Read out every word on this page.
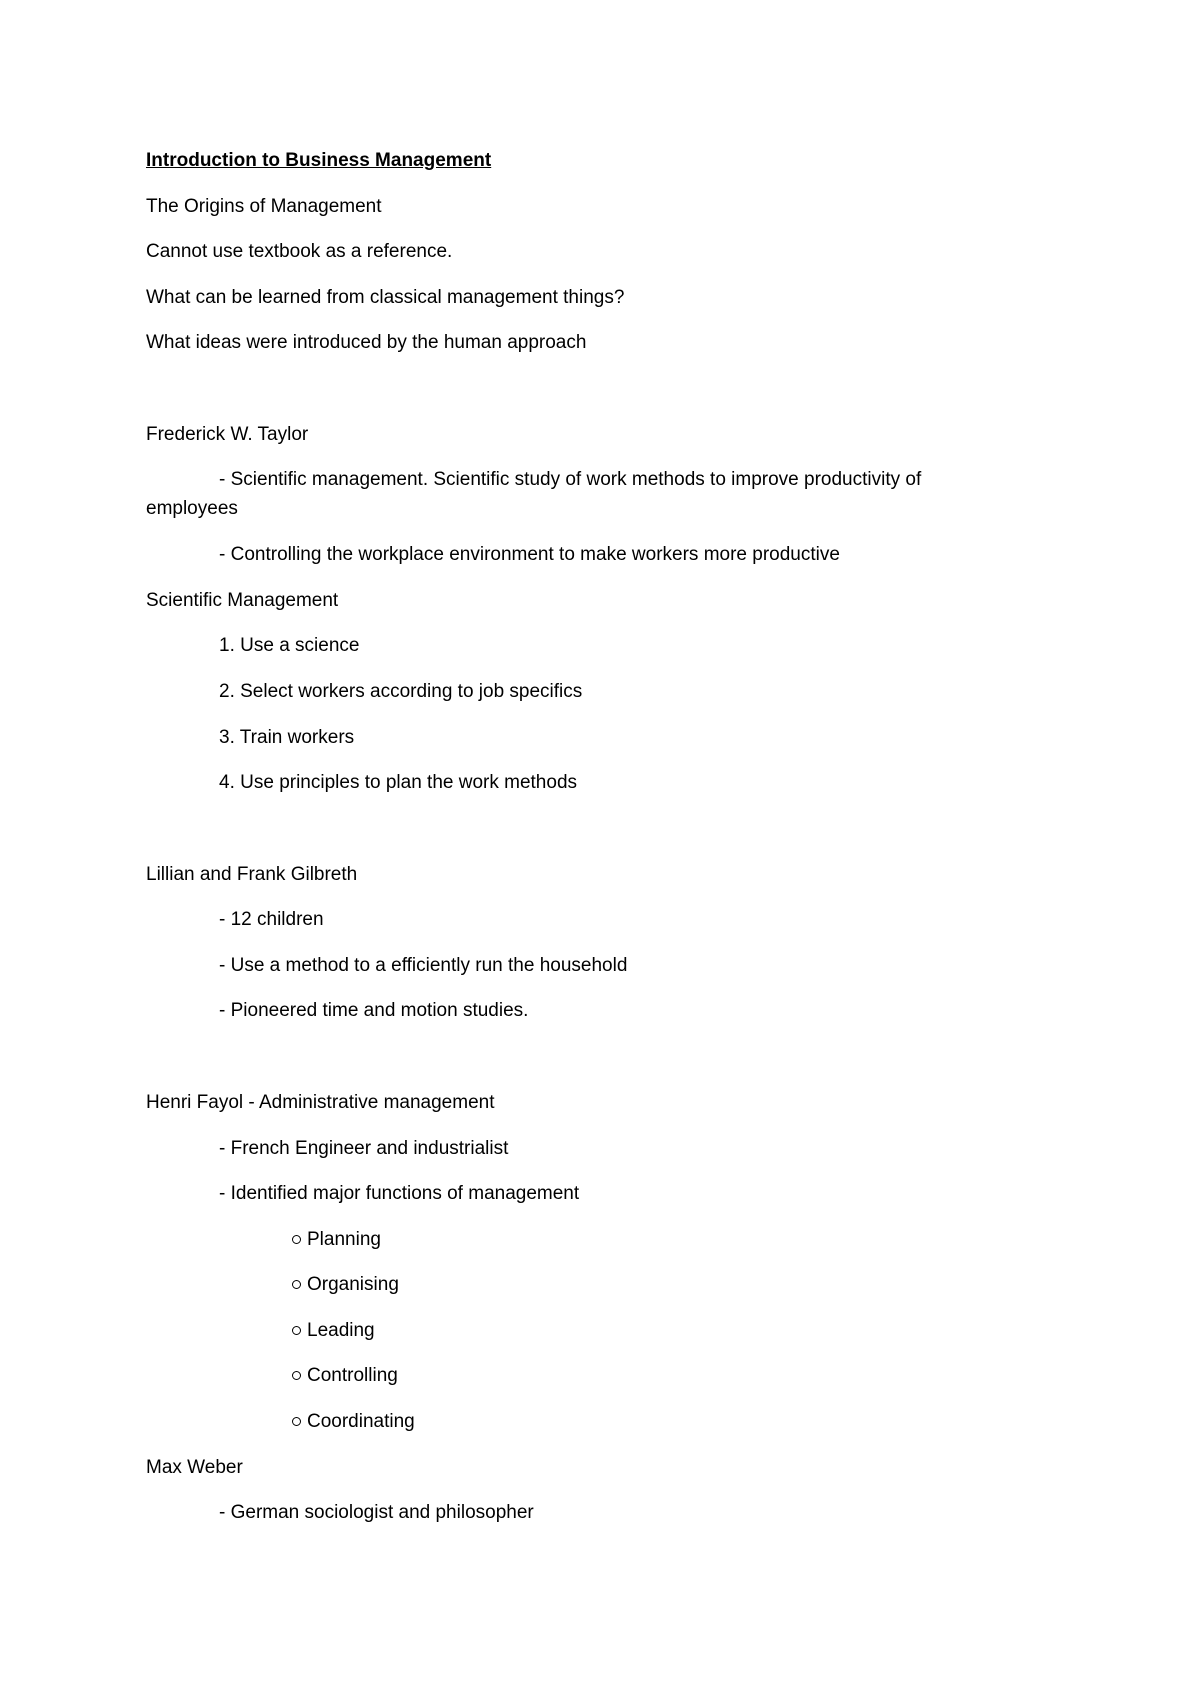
Introduction to Business Management

The Origins of Management

Cannot use textbook as a reference.

What can be learned from classical management things?

What ideas were introduced by the human approach

Frederick W. Taylor

- Scientific management. Scientific study of work methods to improve productivity of

employees

- Controlling the workplace environment to make workers more productive

Scientific Management

1. Use a science

2. Select workers according to job specifics

3. Train workers

4. Use principles to plan the work methods

Lillian and Frank Gilbreth

- 12 children

- Use a method to a efficiently run the household

- Pioneered time and motion studies.

Henri Fayol - Administrative management

- French Engineer and industrialist

- Identified major functions of management

Planning

Organising

Leading

Controlling

Coordinating

Max Weber

- German sociologist and philosopher
